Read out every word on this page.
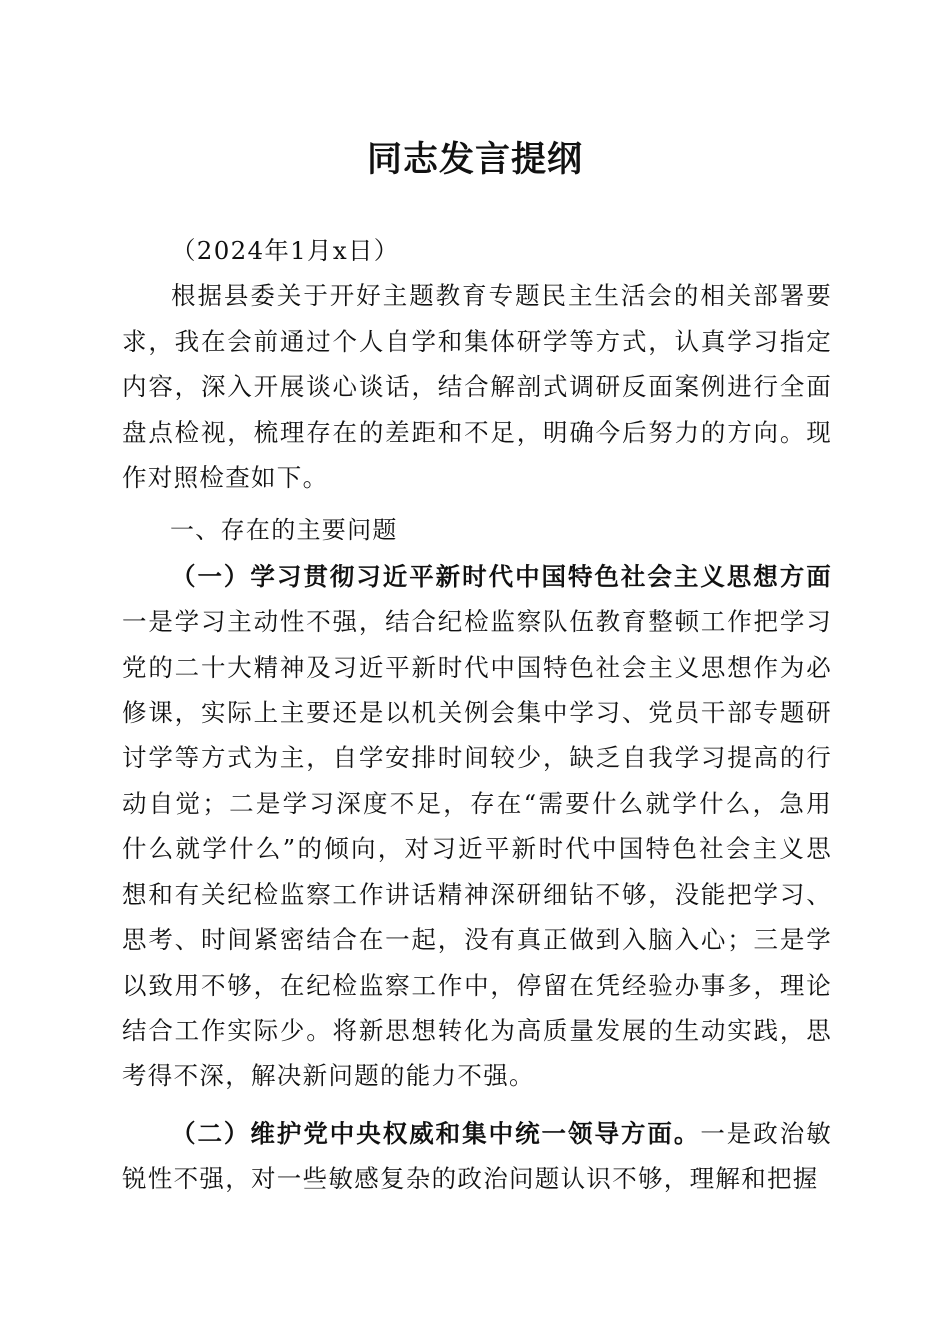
同志发言提纲

（2024年1月x日）

根据县委关于开好主题教育专题民主生活会的相关部署要求，我在会前通过个人自学和集体研学等方式，认真学习指定内容，深入开展谈心谈话，结合解剖式调研反面案例进行全面盘点检视，梳理存在的差距和不足，明确今后努力的方向。现作对照检查如下。

一、存在的主要问题

（一）学习贯彻习近平新时代中国特色社会主义思想方面一是学习主动性不强，结合纪检监察队伍教育整顿工作把学习党的二十大精神及习近平新时代中国特色社会主义思想作为必修课，实际上主要还是以机关例会集中学习、党员干部专题研讨学等方式为主，自学安排时间较少，缺乏自我学习提高的行动自觉；二是学习深度不足，存在“需要什么就学什么，急用什么就学什么”的倾向，对习近平新时代中国特色社会主义思想和有关纪检监察工作讲话精神深研细钻不够，没能把学习、思考、时间紧密结合在一起，没有真正做到入脑入心；三是学以致用不够，在纪检监察工作中，停留在凭经验办事多，理论结合工作实际少。将新思想转化为高质量发展的生动实践，思考得不深，解决新问题的能力不强。

（二）维护党中央权威和集中统一领导方面。一是政治敏锐性不强，对一些敏感复杂的政治问题认识不够，理解和把握
